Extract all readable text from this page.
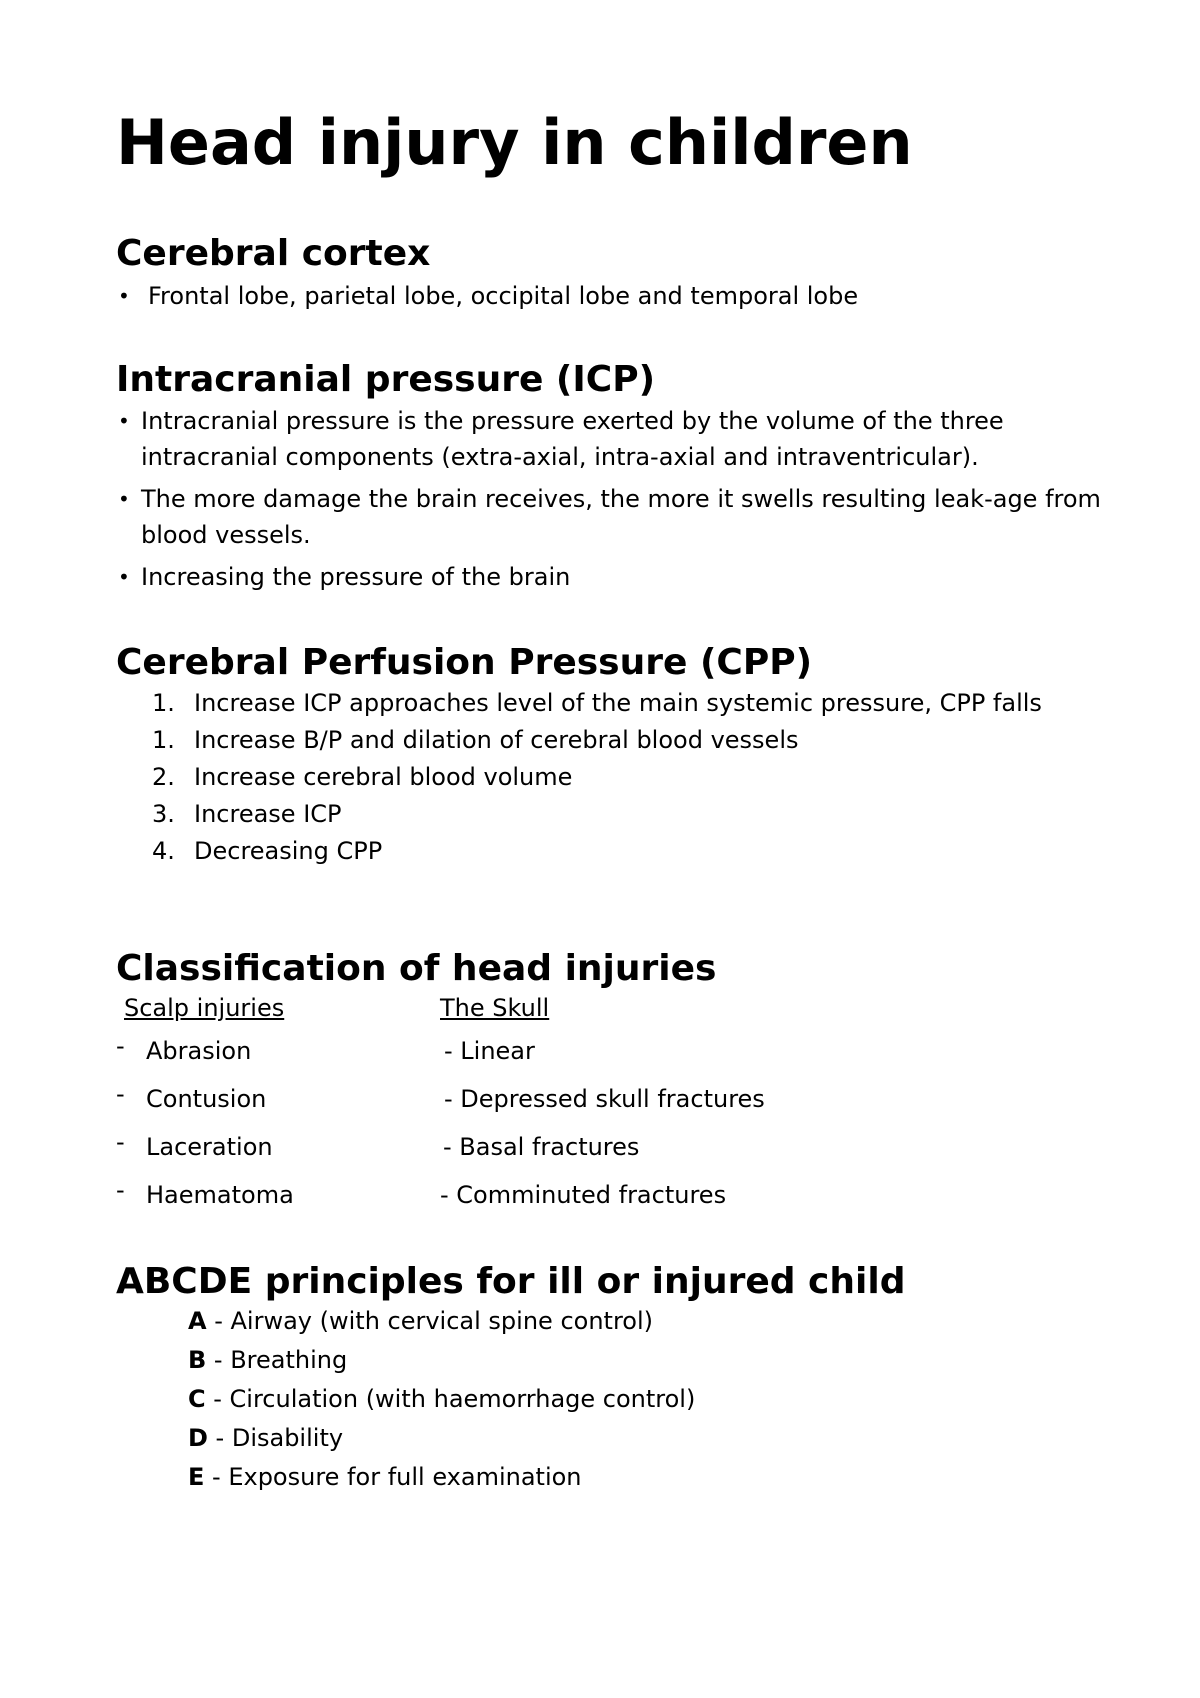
Head injury in children
Cerebral cortex
• Frontal lobe, parietal lobe, occipital lobe and temporal lobe
Intracranial pressure (ICP)
• Intracranial pressure is the pressure exerted by the volume of the three intracranial components (extra-axial, intra-axial and intraventricular).
• The more damage the brain receives, the more it swells resulting leak-age from blood vessels.
• Increasing the pressure of the brain
Cerebral Perfusion Pressure (CPP)
1. Increase ICP approaches level of the main systemic pressure, CPP falls
1. Increase B/P and dilation of cerebral blood vessels
2. Increase cerebral blood volume
3. Increase ICP
4. Decreasing CPP
Classification of head injuries
Scalp injuries	The Skull
- Abrasion	- Linear
- Contusion	- Depressed skull fractures
- Laceration	- Basal fractures
- Haematoma	- Comminuted fractures
ABCDE principles for ill or injured child
A - Airway (with cervical spine control)
B - Breathing
C - Circulation (with haemorrhage control)
D - Disability
E - Exposure for full examination
